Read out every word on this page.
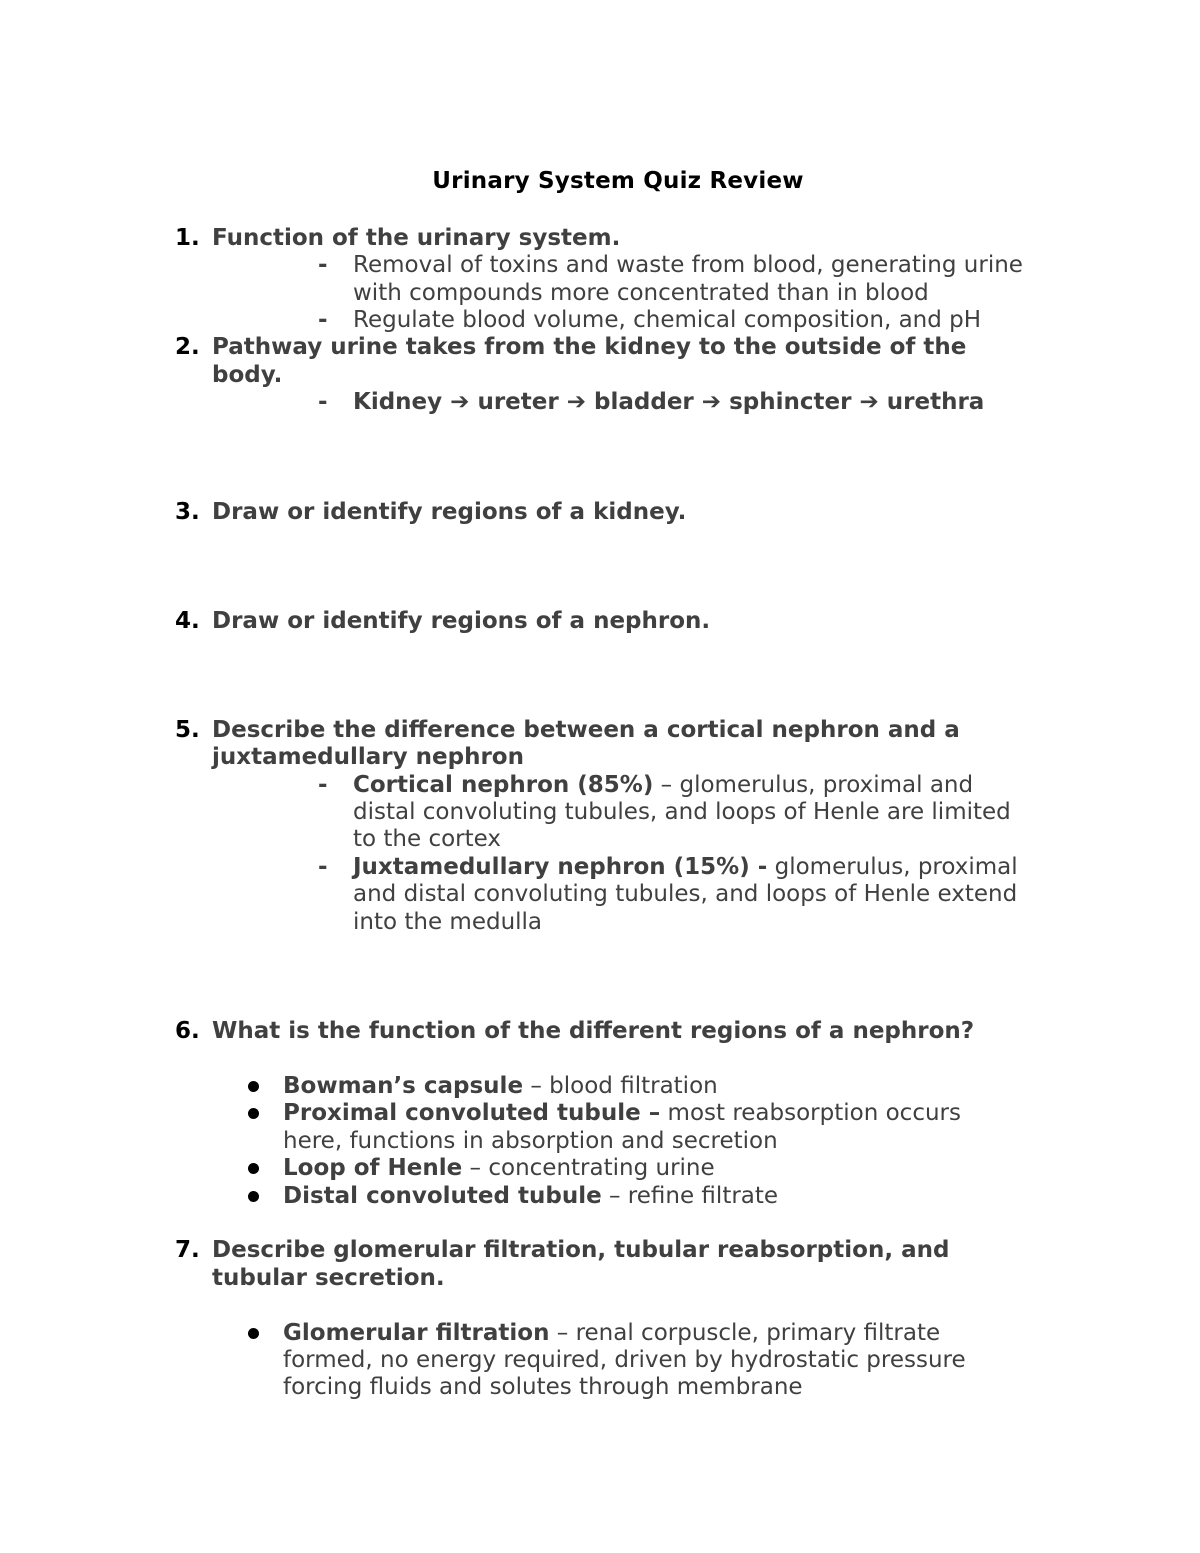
Urinary System Quiz Review
1. Function of the urinary system.
- Removal of toxins and waste from blood, generating urine
with compounds more concentrated than in blood
- Regulate blood volume, chemical composition, and pH
2. Pathway urine takes from the kidney to the outside of the
body.
- Kidney ➔ ureter ➔ bladder ➔ sphincter ➔ urethra
3. Draw or identify regions of a kidney.
4. Draw or identify regions of a nephron.
5. Describe the difference between a cortical nephron and a
juxtamedullary nephron
- Cortical nephron (85%) – glomerulus, proximal and
distal convoluting tubules, and loops of Henle are limited
to the cortex
- Juxtamedullary nephron (15%) - glomerulus, proximal
and distal convoluting tubules, and loops of Henle extend
into the medulla
6. What is the function of the different regions of a nephron?
Bowman’s capsule – blood filtration
Proximal convoluted tubule – most reabsorption occurs
here, functions in absorption and secretion
Loop of Henle – concentrating urine
Distal convoluted tubule – refine filtrate
7. Describe glomerular filtration, tubular reabsorption, and
tubular secretion.
Glomerular filtration – renal corpuscle, primary filtrate
formed, no energy required, driven by hydrostatic pressure
forcing fluids and solutes through membrane
